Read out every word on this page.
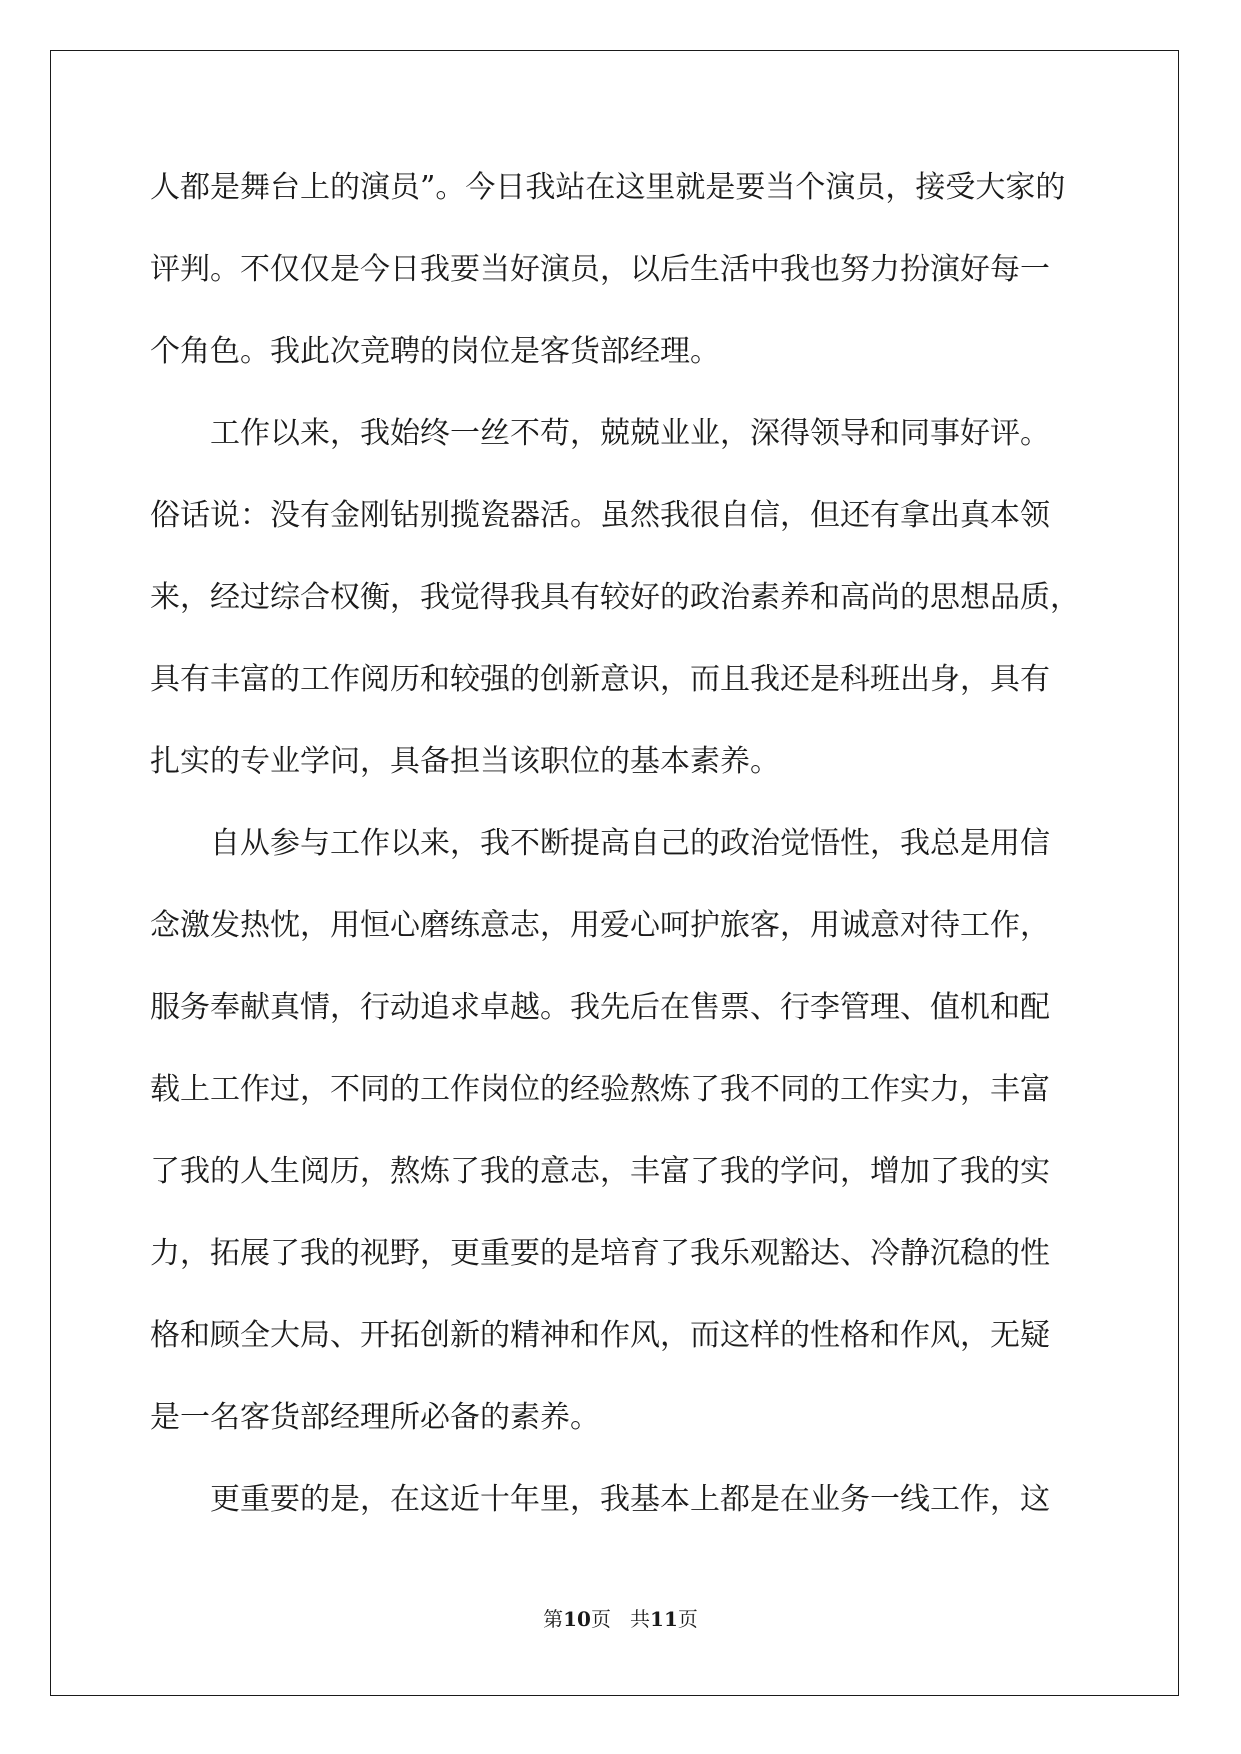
人都是舞台上的演员”。今日我站在这里就是要当个演员，接受大家的
评判。不仅仅是今日我要当好演员，以后生活中我也努力扮演好每一
个角色。我此次竞聘的岗位是客货部经理。
工作以来，我始终一丝不苟，兢兢业业，深得领导和同事好评。
俗话说：没有金刚钻别揽瓷器活。虽然我很自信，但还有拿出真本领
来，经过综合权衡，我觉得我具有较好的政治素养和高尚的思想品质，
具有丰富的工作阅历和较强的创新意识，而且我还是科班出身，具有
扎实的专业学问，具备担当该职位的基本素养。
自从参与工作以来，我不断提高自己的政治觉悟性，我总是用信
念激发热忱，用恒心磨练意志，用爱心呵护旅客，用诚意对待工作，
服务奉献真情，行动追求卓越。我先后在售票、行李管理、值机和配
载上工作过，不同的工作岗位的经验熬炼了我不同的工作实力，丰富
了我的人生阅历，熬炼了我的意志，丰富了我的学问，增加了我的实
力，拓展了我的视野，更重要的是培育了我乐观豁达、冷静沉稳的性
格和顾全大局、开拓创新的精神和作风，而这样的性格和作风，无疑
是一名客货部经理所必备的素养。
更重要的是，在这近十年里，我基本上都是在业务一线工作，这
第10页 共11页
